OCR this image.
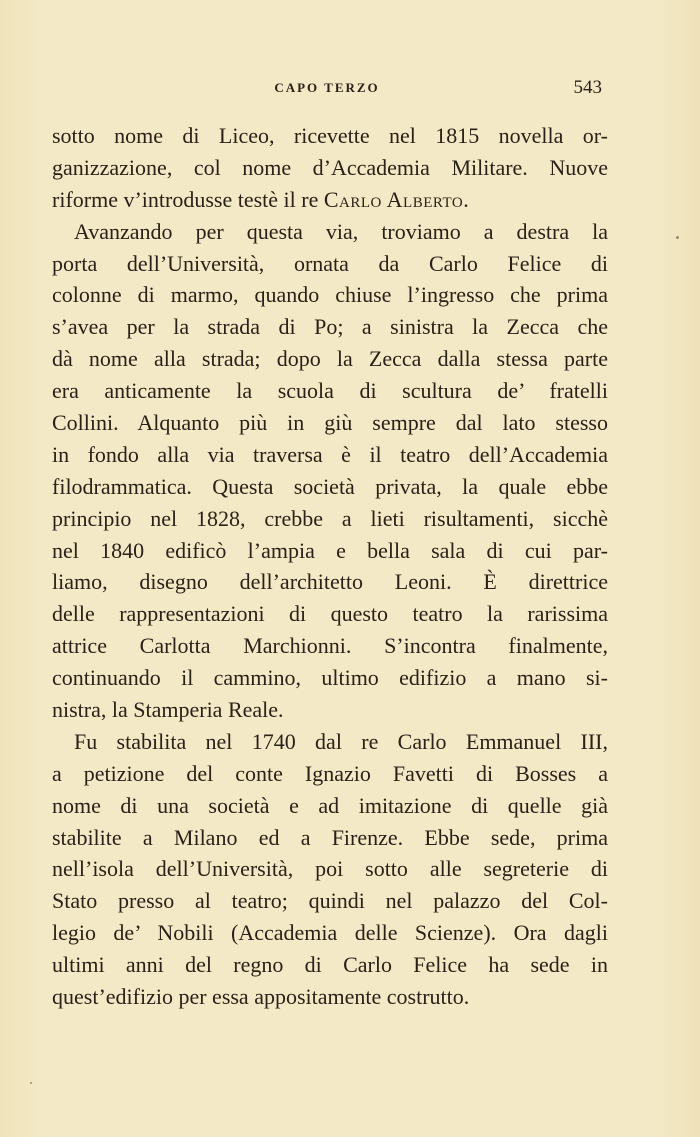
CAPO TERZO	543
sotto nome di Liceo, ricevette nel 1815 novella or-
ganizzazione, col nome d’Accademia Militare. Nuove
riforme v’introdusse testè il re Carlo Alberto.
Avanzando per questa via, troviamo a destra la
porta dell’Università, ornata da Carlo Felice di
colonne di marmo, quando chiuse l’ingresso che prima
s’avea per la strada di Po; a sinistra la Zecca che
dà nome alla strada; dopo la Zecca dalla stessa parte
era anticamente la scuola di scultura de’ fratelli
Collini. Alquanto più in giù sempre dal lato stesso
in fondo alla via traversa è il teatro dell’Accademia
filodrammatica. Questa società privata, la quale ebbe
principio nel 1828, crebbe a lieti risultamenti, sicchè
nel 1840 edificò l’ampia e bella sala di cui par-
liamo, disegno dell’architetto Leoni. È direttrice
delle rappresentazioni di questo teatro la rarissima
attrice Carlotta Marchionni. S’incontra finalmente,
continuando il cammino, ultimo edifizio a mano si-
nistra, la Stamperia Reale.
Fu stabilita nel 1740 dal re Carlo Emmanuel III,
a petizione del conte Ignazio Favetti di Bosses a
nome di una società e ad imitazione di quelle già
stabilite a Milano ed a Firenze. Ebbe sede, prima
nell’isola dell’Università, poi sotto alle segreterie di
Stato presso al teatro; quindi nel palazzo del Col-
legio de’ Nobili (Accademia delle Scienze). Ora dagli
ultimi anni del regno di Carlo Felice ha sede in
quest’edifizio per essa appositamente costrutto.
